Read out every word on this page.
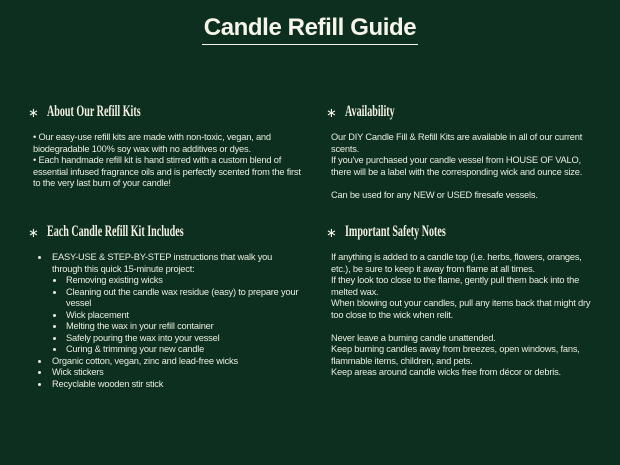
Candle Refill Guide
∗ About Our Refill Kits
• Our easy-use refill kits are made with non-toxic, vegan, and biodegradable 100% soy wax with no additives or dyes.
• Each handmade refill kit is hand stirred with a custom blend of essential infused fragrance oils and is perfectly scented from the first to the very last burn of your candle!
∗ Availability
Our DIY Candle Fill & Refill Kits are available in all of our current scents.
If you've purchased your candle vessel from HOUSE OF VALO, there will be a label with the corresponding wick and ounce size.
Can be used for any NEW or USED firesafe vessels.
∗ Each Candle Refill Kit Includes
• EASY-USE & STEP-BY-STEP instructions that walk you through this quick 15-minute project:
• Removing existing wicks
• Cleaning out the candle wax residue (easy) to prepare your vessel
• Wick placement
• Melting the wax in your refill container
• Safely pouring the wax into your vessel
• Curing & trimming your new candle
• Organic cotton, vegan, zinc and lead-free wicks
• Wick stickers
• Recyclable wooden stir stick
∗ Important Safety Notes
If anything is added to a candle top (i.e. herbs, flowers, oranges, etc.), be sure to keep it away from flame at all times.
If they look too close to the flame, gently pull them back into the melted wax.
When blowing out your candles, pull any items back that might dry too close to the wick when relit.
Never leave a burning candle unattended.
Keep burning candles away from breezes, open windows, fans, flammable items, children, and pets.
Keep areas around candle wicks free from décor or debris.
